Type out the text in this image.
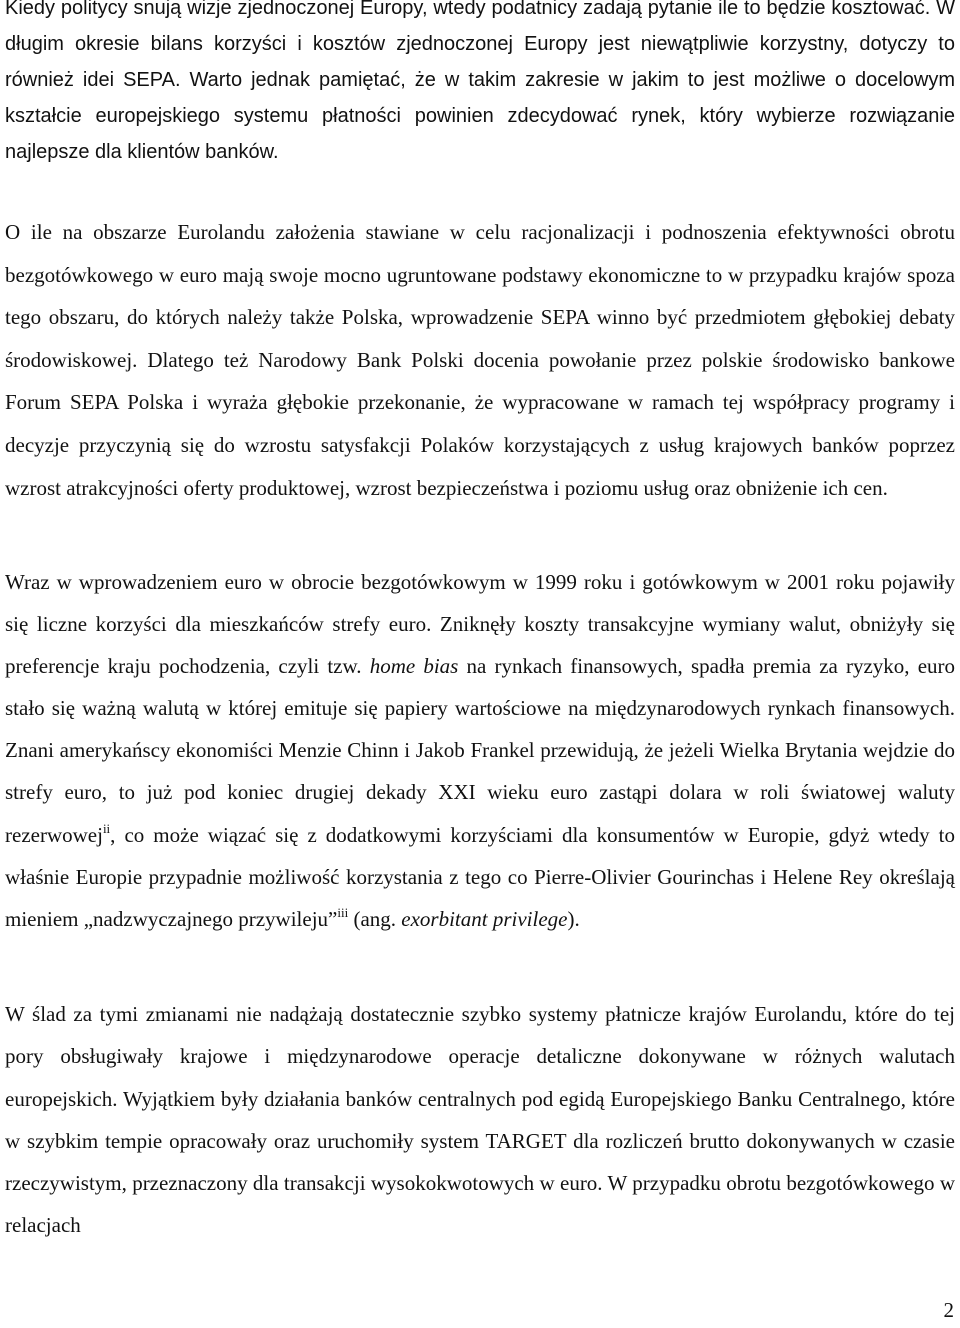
Kiedy politycy snują wizje zjednoczonej Europy, wtedy podatnicy zadają pytanie ile to będzie kosztować. W długim okresie bilans korzyści i kosztów zjednoczonej Europy jest niewątpliwie korzystny, dotyczy to również idei SEPA. Warto jednak pamiętać, że w takim zakresie w jakim to jest możliwe o docelowym kształcie europejskiego systemu płatności powinien zdecydować rynek, który wybierze rozwiązanie najlepsze dla klientów banków.

O ile na obszarze Eurolandu założenia stawiane w celu racjonalizacji i podnoszenia efektywności obrotu bezgotówkowego w euro mają swoje mocno ugruntowane podstawy ekonomiczne to w przypadku krajów spoza tego obszaru, do których należy także Polska, wprowadzenie SEPA winno być przedmiotem głębokiej debaty środowiskowej. Dlatego też Narodowy Bank Polski docenia powołanie przez polskie środowisko bankowe Forum SEPA Polska i wyraża głębokie przekonanie, że wypracowane w ramach tej współpracy programy i decyzje przyczynią się do wzrostu satysfakcji Polaków korzystających z usług krajowych banków poprzez wzrost atrakcyjności oferty produktowej, wzrost bezpieczeństwa i poziomu usług oraz obniżenie ich cen.

Wraz w wprowadzeniem euro w obrocie bezgotówkowym w 1999 roku i gotówkowym w 2001 roku pojawiły się liczne korzyści dla mieszkańców strefy euro. Zniknęły koszty transakcyjne wymiany walut, obniżyły się preferencje kraju pochodzenia, czyli tzw. home bias na rynkach finansowych, spadła premia za ryzyko, euro stało się ważną walutą w której emituje się papiery wartościowe na międzynarodowych rynkach finansowych. Znani amerykańscy ekonomiści Menzie Chinn i Jakob Frankel przewidują, że jeżeli Wielka Brytania wejdzie do strefy euro, to już pod koniec drugiej dekady XXI wieku euro zastąpi dolara w roli światowej waluty rezerwowej$^{ii}$, co może wiązać się z dodatkowymi korzyściami dla konsumentów w Europie, gdyż wtedy to właśnie Europie przypadnie możliwość korzystania z tego co Pierre-Olivier Gourinchas i Helene Rey określają mieniem „nadzwyczajnego przywileju”$^{iii}$ (ang. exorbitant privilege).

W ślad za tymi zmianami nie nadążają dostatecznie szybko systemy płatnicze krajów Eurolandu, które do tej pory obsługiwały krajowe i międzynarodowe operacje detaliczne dokonywane w różnych walutach europejskich. Wyjątkiem były działania banków centralnych pod egidą Europejskiego Banku Centralnego, które w szybkim tempie opracowały oraz uruchomiły system TARGET dla rozliczeń brutto dokonywanych w czasie rzeczywistym, przeznaczony dla transakcji wysokokwotowych w euro. W przypadku obrotu bezgotówkowego w relacjach

2
